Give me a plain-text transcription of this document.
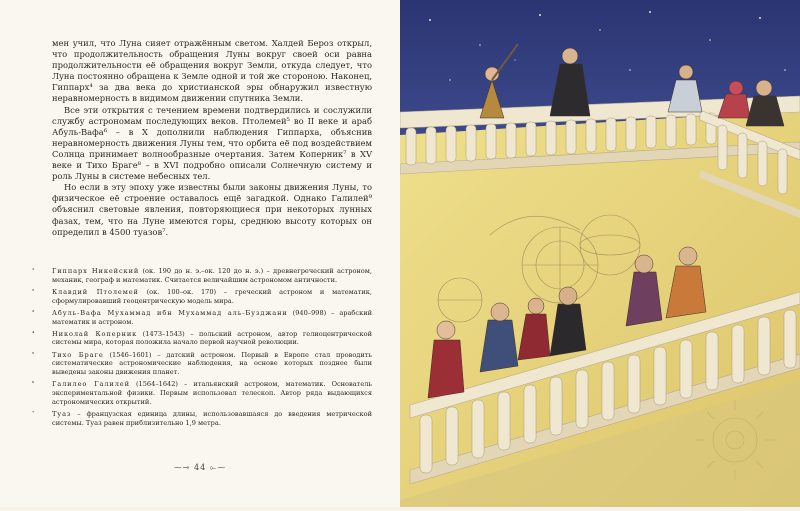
мен учил, что Луна сияет отражённым светом. Халдей Бероз открыл, что продолжительность обращения Луны вокруг своей оси равна продолжительности её обращения вокруг Земли, откуда следует, что Луна постоянно обращена к Земле одной и той же стороною. Наконец, Гиппарх⁴ за два века до христианской эры обнаружил известную неравномерность в видимом движении спутника Земли.

Все эти открытия с течением времени подтвердились и сослужили службу астрономам последующих веков. Птолемей⁵ во II веке и араб Абуль-Вафа⁶ – в X дополнили наблюдения Гиппарха, объяснив неравномерность движения Луны тем, что орбита её под воздействием Солнца принимает волнообразные очертания. Затем Коперник⁷ в XV веке и Тихо Браге⁸ – в XVI подробно описали Солнечную систему и роль Луны в системе небесных тел.

Но если в эту эпоху уже известны были законы движения Луны, то физическое её строение оставалось ещё загадкой. Однако Галилей⁹ объяснил световые явления, повторяющиеся при некоторых лунных фазах, тем, что на Луне имеются горы, среднюю высоту которых он определил в 4500 туазов⁷.

¹	Гиппарх Никейский (ок. 190 до н. э.–ок. 120 до н. э.) – древнегреческий астроном, механик, географ и математик. Считается величайшим астрономом античности.

²	Клавдий Птолемей (ок. 100–ок. 170) – греческий астроном и математик, сформулировавший геоцентрическую модель мира.

³	Абуль-Вафа Мухаммад ибн Мухаммад аль-Бузджани (940–998) – арабский математик и астроном.

⁴	Николай Коперник (1473–1543) – польский астроном, автор гелиоцентрической системы мира, которая положила начало первой научной революции.

⁵	Тихо Браге (1546–1601) – датский астроном. Первый в Европе стал проводить систематические астрономические наблюдения, на основе которых позднее были выведены законы движения планет.

⁶	Галилео Галилей (1564–1642) – итальянский астроном, математик. Основатель экспериментальной физики. Первым использовал телескоп. Автор ряда выдающихся астрономических открытий.

⁷	Туаз – французская единица длины, использовавшаяся до введения метрической системы. Туаз равен приблизительно 1,9 метра.

⁓⊸ 44 ⟜⁓
